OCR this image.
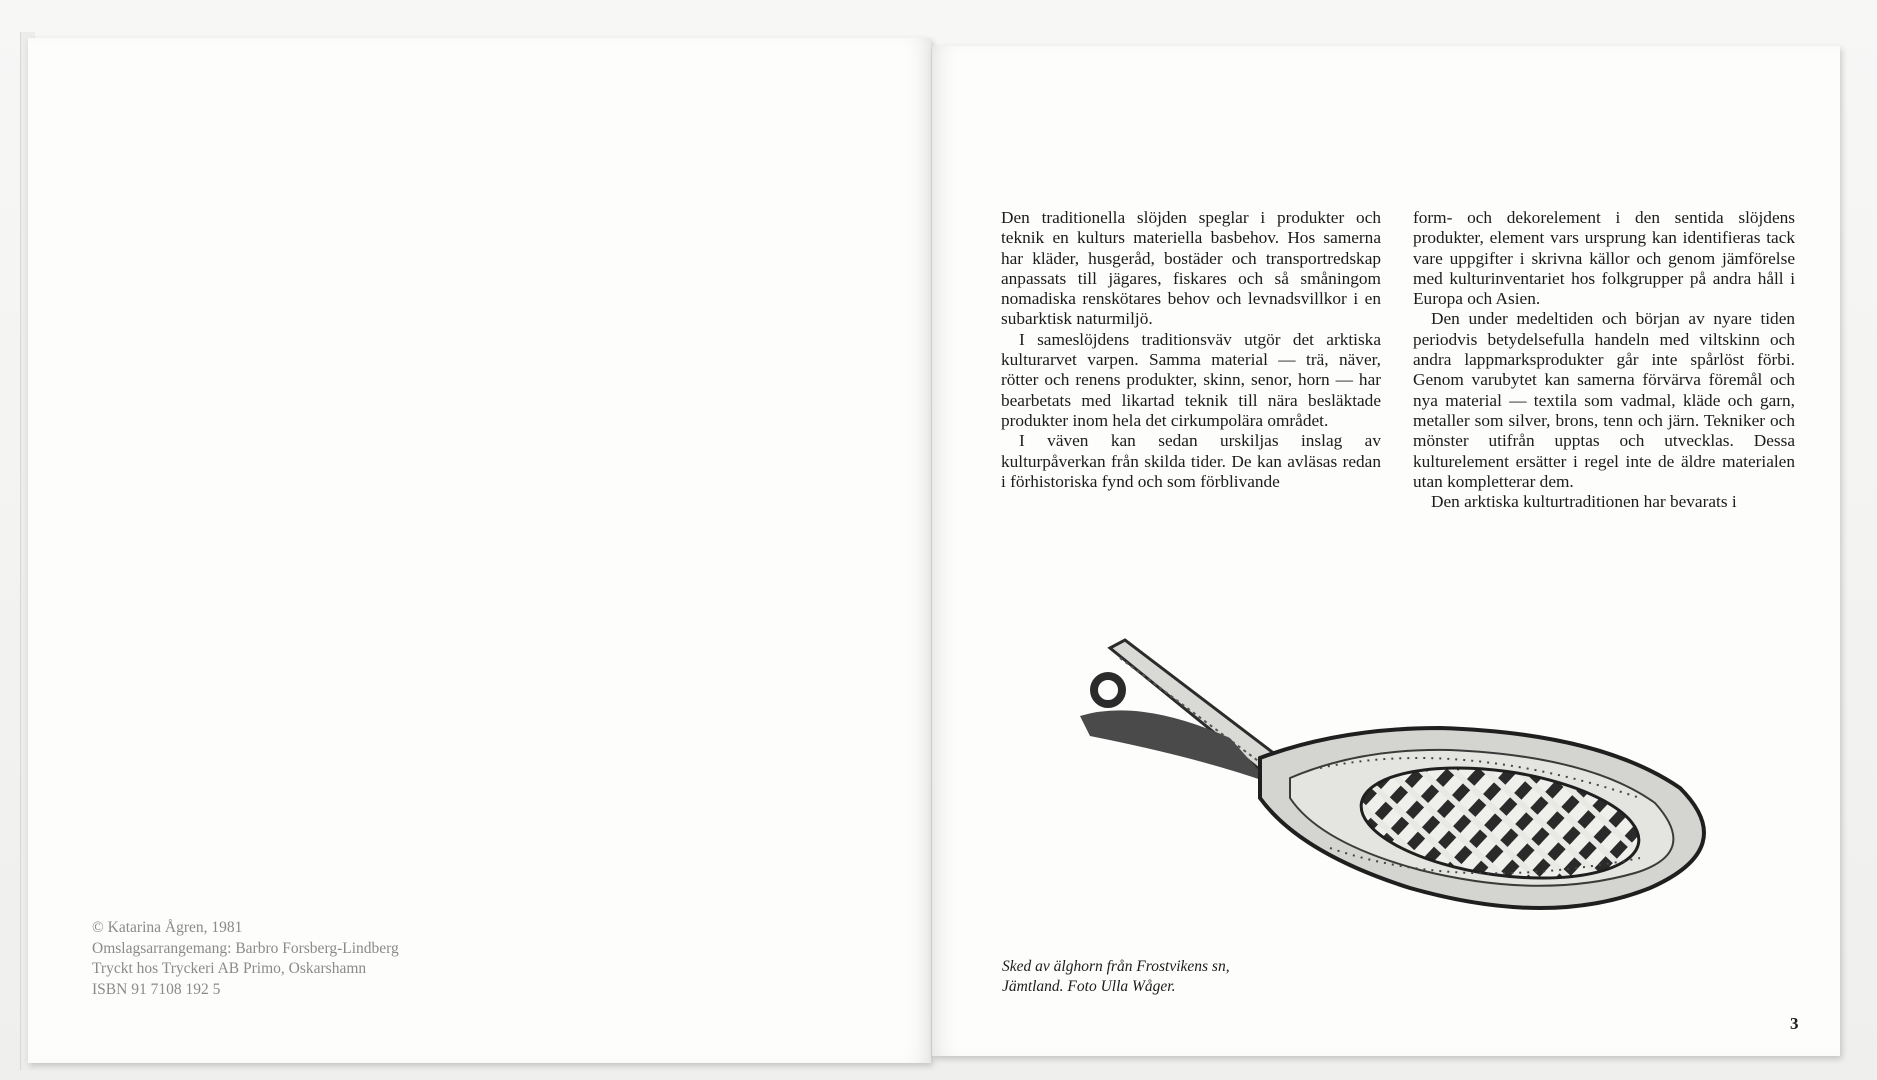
© Katarina Ågren, 1981
Omslagsarrangemang: Barbro Forsberg-Lindberg
Tryckt hos Tryckeri AB Primo, Oskarshamn
ISBN 91 7108 192 5

Den traditionella slöjden speglar i produkter och teknik en kulturs materiella basbehov. Hos samerna har kläder, husgeråd, bostäder och transportredskap anpassats till jägares, fiskares och så småningom nomadiska renskötares behov och levnadsvillkor i en subarktisk naturmiljö.

I sameslöjdens traditionsväv utgör det arktiska kulturarvet varpen. Samma material — trä, näver, rötter och renens produkter, skinn, senor, horn — har bearbetats med likartad teknik till nära besläktade produkter inom hela det cirkumpolära området.

I väven kan sedan urskiljas inslag av kulturpåverkan från skilda tider. De kan avläsas redan i förhistoriska fynd och som förblivande

form- och dekorelement i den sentida slöjdens produkter, element vars ursprung kan identifieras tack vare uppgifter i skrivna källor och genom jämförelse med kulturinventariet hos folkgrupper på andra håll i Europa och Asien.

Den under medeltiden och början av nyare tiden periodvis betydelsefulla handeln med viltskinn och andra lappmarksprodukter går inte spårlöst förbi. Genom varubytet kan samerna förvärva föremål och nya material — textila som vadmal, kläde och garn, metaller som silver, brons, tenn och järn. Tekniker och mönster utifrån upptas och utvecklas. Dessa kulturelement ersätter i regel inte de äldre materialen utan kompletterar dem.

Den arktiska kulturtraditionen har bevarats i

Sked av älghorn från Frostvikens sn,
Jämtland. Foto Ulla Wåger.
3
